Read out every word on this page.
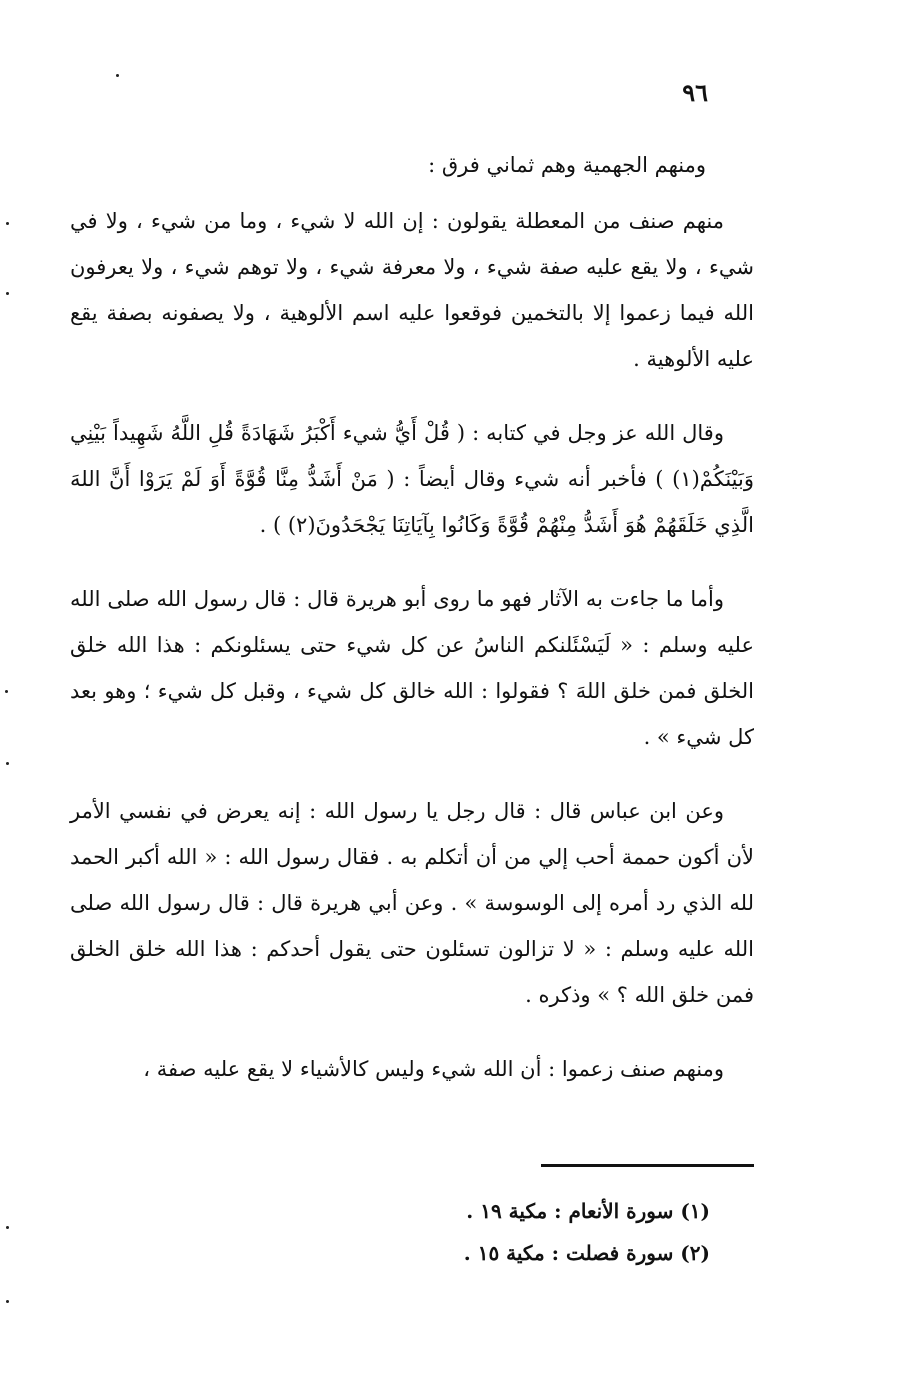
٩٦

ومنهم الجهمية وهم ثماني فرق :

منهم صنف من المعطلة يقولون : إن الله لا شيء ، وما من شيء ، ولا في شيء ، ولا يقع عليه صفة شيء ، ولا معرفة شيء ، ولا توهم شيء ، ولا يعرفون الله فيما زعموا إلا بالتخمين فوقعوا عليه اسم الألوهية ، ولا يصفونه بصفة يقع عليه الألوهية .

وقال الله عز وجل في كتابه : ( قُلْ أَيُّ شيء أَكْبَرُ شَهَادَةً قُلِ اللَّهُ شَهِيداً بَيْنِي وَبَيْنَكُمْ(١) ) فأخبر أنه شيء وقال أيضاً : ( مَنْ أَشَدُّ مِنَّا قُوَّةً أَوَ لَمْ يَرَوْا أَنَّ اللهَ الَّذِي خَلَقَهُمْ هُوَ أَشَدُّ مِنْهُمْ قُوَّةً وَكَانُوا بِآيَاتِنَا يَجْحَدُونَ(٢) ) .

وأما ما جاءت به الآثار فهو ما روى أبو هريرة قال : قال رسول الله صلى الله عليه وسلم : « لَيَسْئَلنكم الناسُ عن كل شيء حتى يسئلونكم : هذا الله خلق الخلق فمن خلق اللهَ ؟ فقولوا : الله خالق كل شيء ، وقبل كل شيء ؛ وهو بعد كل شيء » .

وعن ابن عباس قال : قال رجل يا رسول الله : إنه يعرض في نفسي الأمر لأن أكون حممة أحب إلي من أن أتكلم به . فقال رسول الله : « الله أكبر الحمد لله الذي رد أمره إلى الوسوسة » . وعن أبي هريرة قال : قال رسول الله صلى الله عليه وسلم : « لا تزالون تسئلون حتى يقول أحدكم : هذا الله خلق الخلق فمن خلق الله ؟ » وذكره .

ومنهم صنف زعموا : أن الله شيء وليس كالأشياء لا يقع عليه صفة ،

(١) سورة الأنعام : مكية ١٩ .

(٢) سورة فصلت : مكية ١٥ .
